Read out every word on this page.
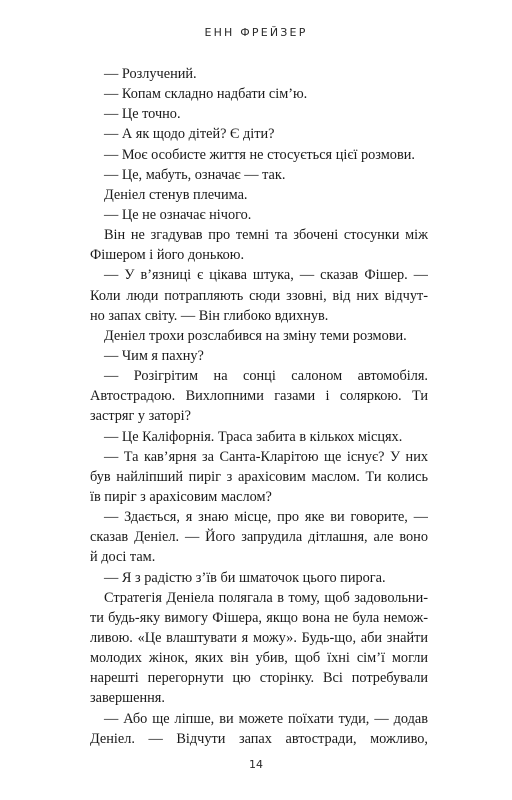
ЕНН ФРЕЙЗЕР
— Розлучений.
— Копам складно надбати сім’ю.
— Це точно.
— А як щодо дітей? Є діти?
— Моє особисте життя не стосується цієї розмови.
— Це, мабуть, означає — так.
Деніел стенув плечима.
— Це не означає нічого.
Він не згадував про темні та збочені стосунки між
Фішером і його донькою.
— У в’язниці є цікава штука, — сказав Фішер. —
Коли люди потрапляють сюди ззовні, від них відчут-
но запах світу. — Він глибоко вдихнув.
Деніел трохи розслабився на зміну теми розмови.
— Чим я пахну?
— Розігрітим на сонці салоном автомобіля.
Автострадою. Вихлопними газами і соляркою. Ти
застряг у заторі?
— Це Каліфорнія. Траса забита в кількох місцях.
— Та кав’ярня за Санта-Кларітою ще існує? У них
був найліпший пиріг з арахісовим маслом. Ти колись
їв пиріг з арахісовим маслом?
— Здається, я знаю місце, про яке ви говорите, —
сказав Деніел. — Його запрудила дітлашня, але воно
й досі там.
— Я з радістю з’їв би шматочок цього пирога.
Стратегія Деніела полягала в тому, щоб задовольни-
ти будь-яку вимогу Фішера, якщо вона не була немож-
ливою. «Це влаштувати я можу». Будь-що, аби знайти
молодих жінок, яких він убив, щоб їхні сім’ї могли
нарешті перегорнути цю сторінку. Всі потребували
завершення.
— Або ще ліпше, ви можете поїхати туди, — додав
Деніел. — Відчути запах автостради, можливо,
14
